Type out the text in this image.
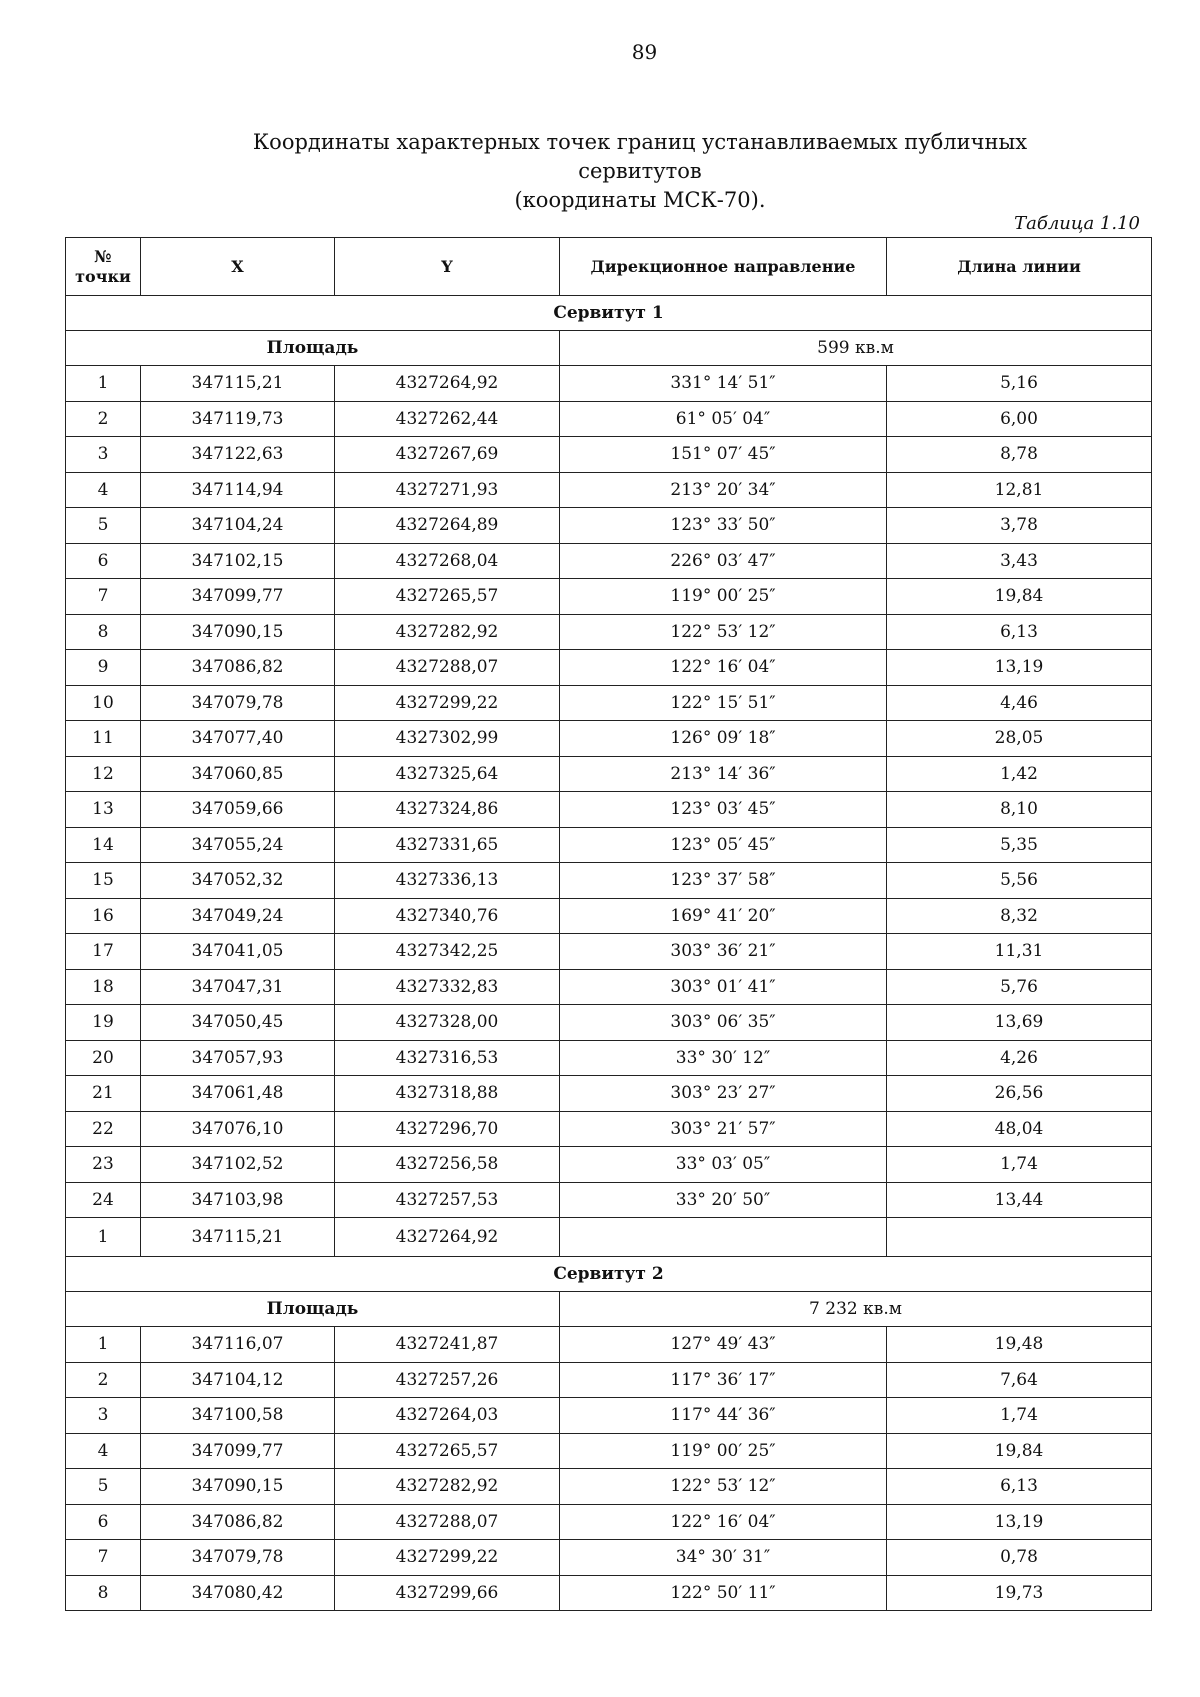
89
Координаты характерных точек границ устанавливаемых публичных сервитутов
(координаты МСК-70).
Таблица 1.10
№
точки	X	Y	Дирекционное направление	Длина линии
Сервитут 1				
Площадь			599 кв.м	
1	347115,21	4327264,92	331° 14′ 51″	5,16
2	347119,73	4327262,44	61° 05′ 04″	6,00
3	347122,63	4327267,69	151° 07′ 45″	8,78
4	347114,94	4327271,93	213° 20′ 34″	12,81
5	347104,24	4327264,89	123° 33′ 50″	3,78
6	347102,15	4327268,04	226° 03′ 47″	3,43
7	347099,77	4327265,57	119° 00′ 25″	19,84
8	347090,15	4327282,92	122° 53′ 12″	6,13
9	347086,82	4327288,07	122° 16′ 04″	13,19
10	347079,78	4327299,22	122° 15′ 51″	4,46
11	347077,40	4327302,99	126° 09′ 18″	28,05
12	347060,85	4327325,64	213° 14′ 36″	1,42
13	347059,66	4327324,86	123° 03′ 45″	8,10
14	347055,24	4327331,65	123° 05′ 45″	5,35
15	347052,32	4327336,13	123° 37′ 58″	5,56
16	347049,24	4327340,76	169° 41′ 20″	8,32
17	347041,05	4327342,25	303° 36′ 21″	11,31
18	347047,31	4327332,83	303° 01′ 41″	5,76
19	347050,45	4327328,00	303° 06′ 35″	13,69
20	347057,93	4327316,53	33° 30′ 12″	4,26
21	347061,48	4327318,88	303° 23′ 27″	26,56
22	347076,10	4327296,70	303° 21′ 57″	48,04
23	347102,52	4327256,58	33° 03′ 05″	1,74
24	347103,98	4327257,53	33° 20′ 50″	13,44
1	347115,21	4327264,92		
Сервитут 2				
Площадь			7 232 кв.м	
1	347116,07	4327241,87	127° 49′ 43″	19,48
2	347104,12	4327257,26	117° 36′ 17″	7,64
3	347100,58	4327264,03	117° 44′ 36″	1,74
4	347099,77	4327265,57	119° 00′ 25″	19,84
5	347090,15	4327282,92	122° 53′ 12″	6,13
6	347086,82	4327288,07	122° 16′ 04″	13,19
7	347079,78	4327299,22	34° 30′ 31″	0,78
8	347080,42	4327299,66	122° 50′ 11″	19,73
